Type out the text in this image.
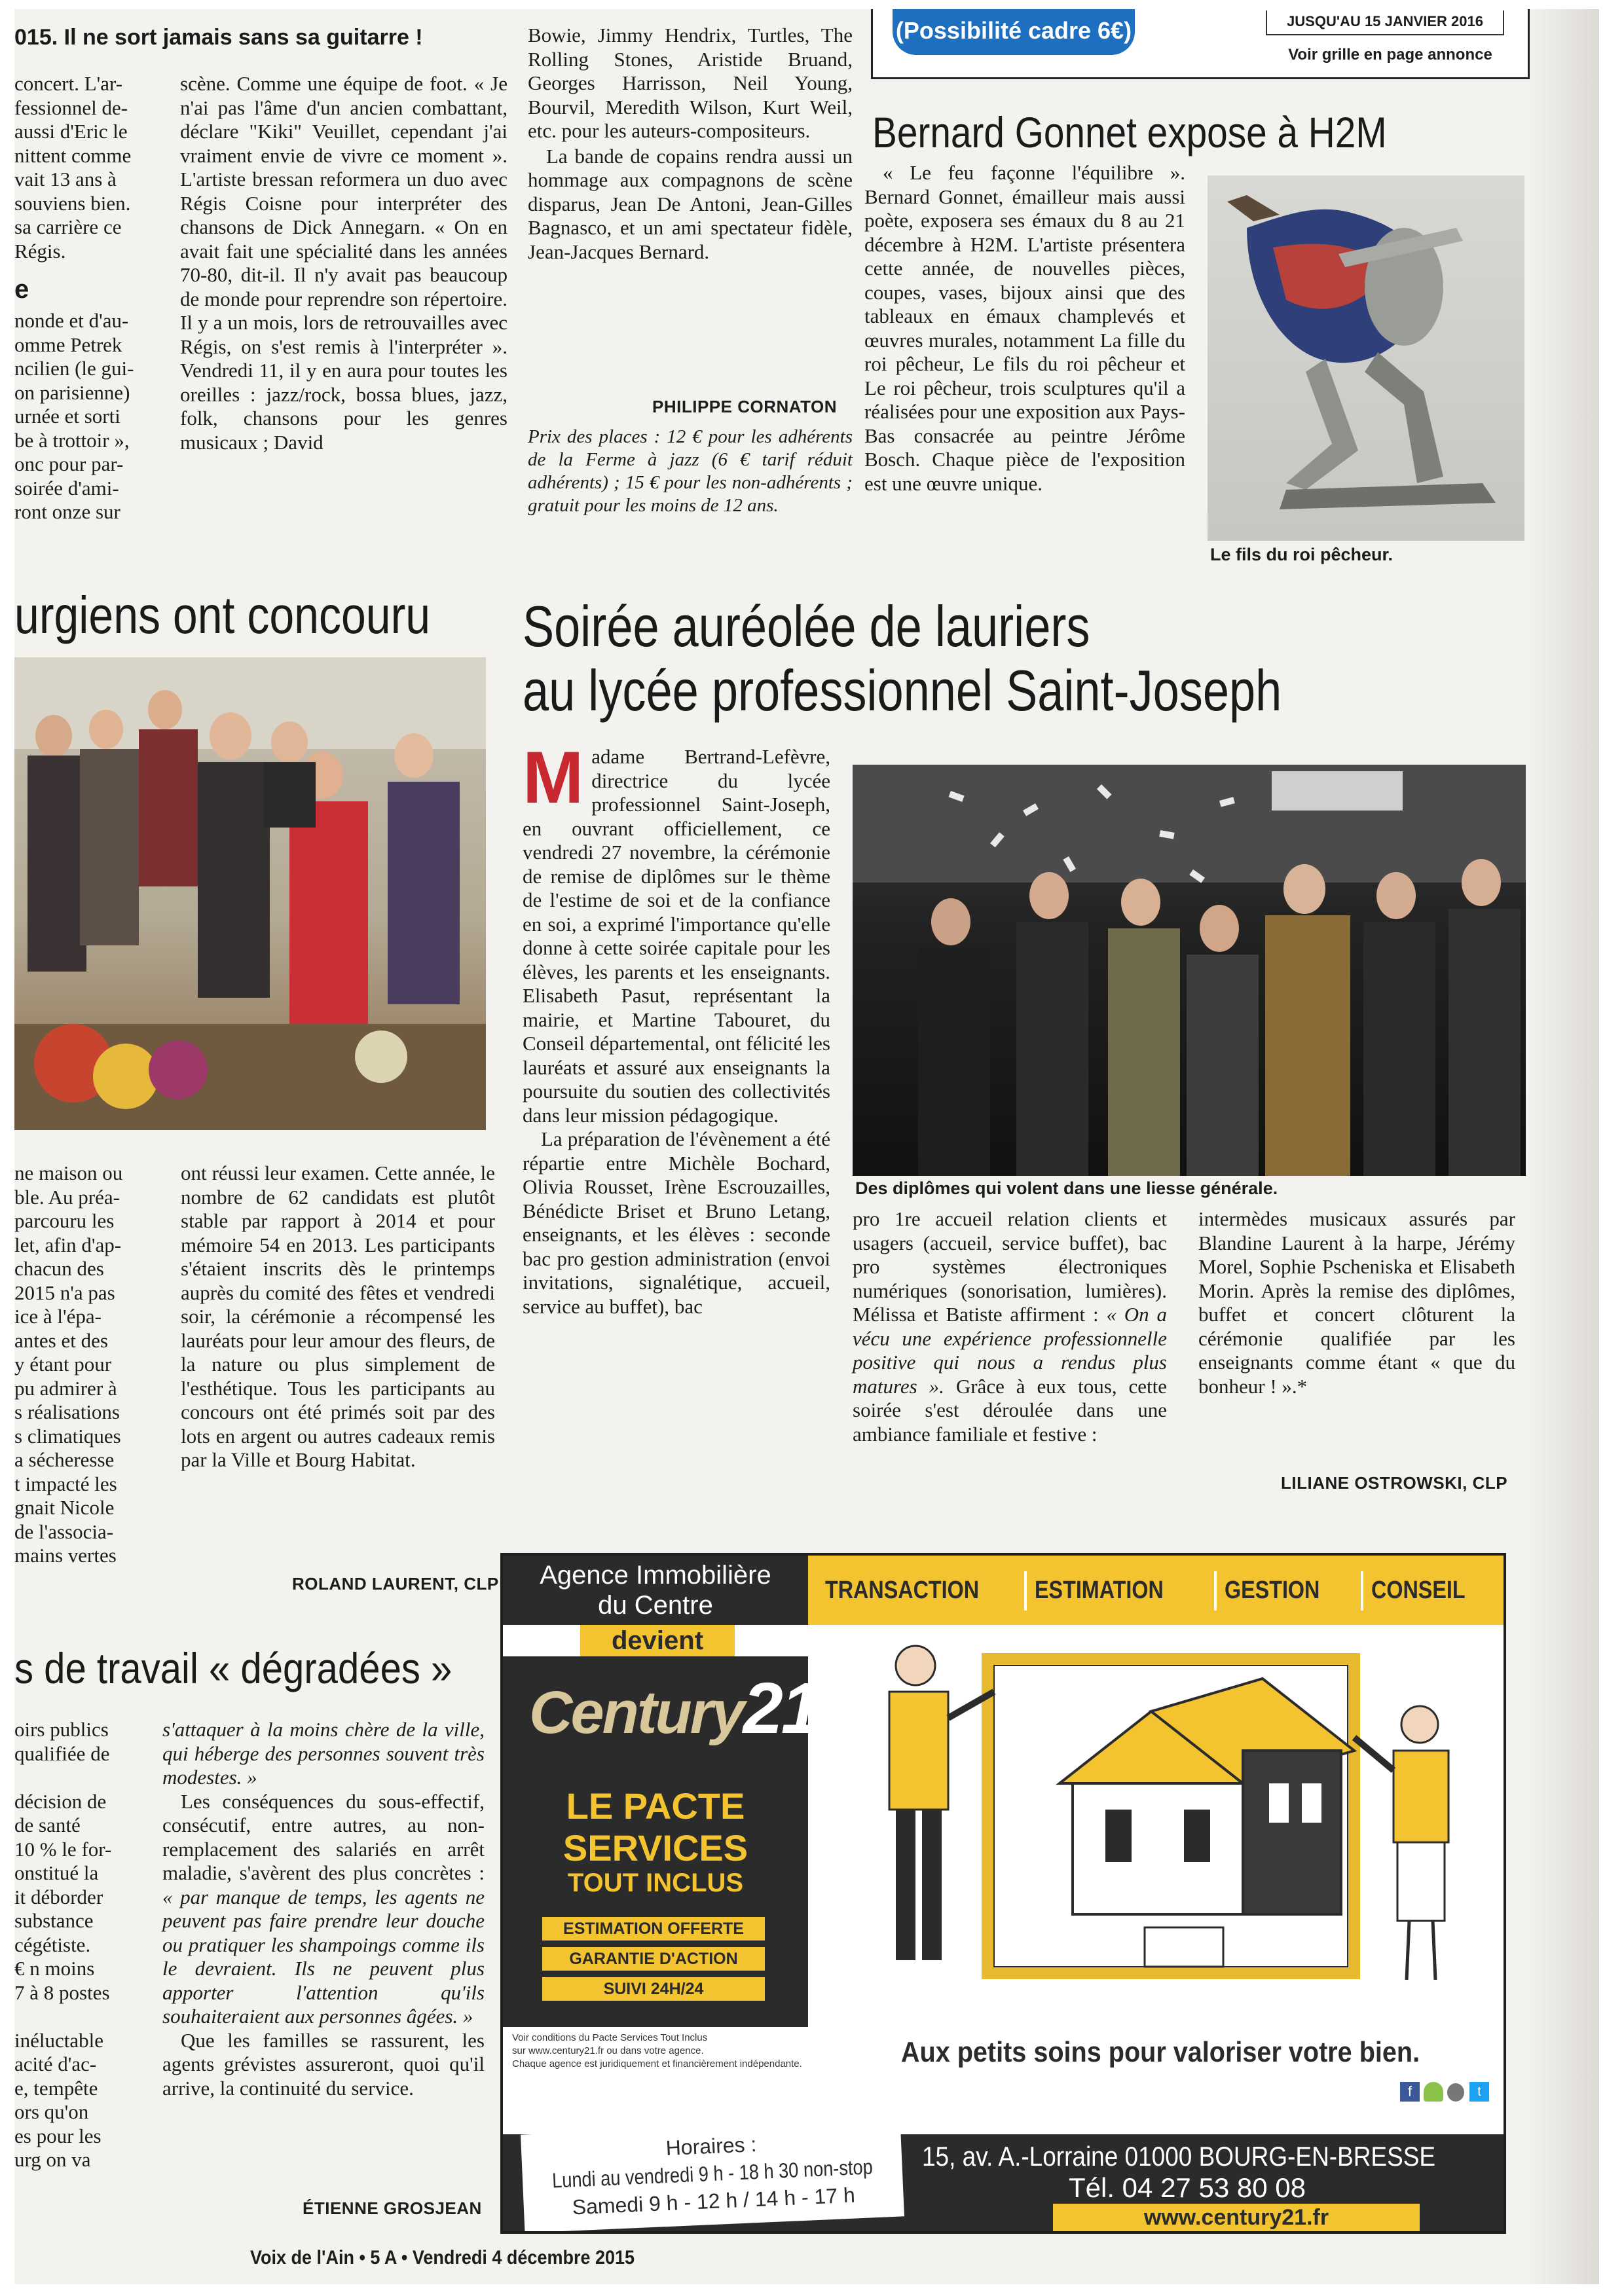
015. Il ne sort jamais sans sa guitarre !
concert. L'ar-
fessionnel de-
aussi d'Eric le
nittent comme
vait 13 ans à
souviens bien.
sa carrière ce
Régis.
e
nonde et d'au-
omme Petrek
ncilien (le gui-
on parisienne)
urnée et sorti
be à trottoir »,
onc pour par-
soirée d'ami-
ront onze sur

scène. Comme une équipe de foot. « Je n'ai pas l'âme d'un ancien combattant, déclare "Kiki" Veuillet, cependant j'ai vraiment envie de vivre ce moment ». L'artiste bressan reformera un duo avec Régis Coisne pour interpréter des chansons de Dick Annegarn. « On en avait fait une spécialité dans les années 70-80, dit-il. Il n'y avait pas beaucoup de monde pour reprendre son répertoire. Il y a un mois, lors de retrouvailles avec Régis, on s'est remis à l'interpréter ». Vendredi 11, il y en aura pour toutes les oreilles : jazz/rock, bossa blues, jazz, folk, chansons pour les genres musicaux ; David

Bowie, Jimmy Hendrix, Turtles, The Rolling Stones, Aristide Bruand, Georges Harrisson, Neil Young, Bourvil, Meredith Wilson, Kurt Weil, etc. pour les auteurs-compositeurs.

La bande de copains rendra aussi un hommage aux compagnons de scène disparus, Jean De Antoni, Jean-Gilles Bagnasco, et un ami spectateur fidèle, Jean-Jacques Bernard.

PHILIPPE CORNATON
Prix des places : 12 € pour les adhérents de la Ferme à jazz (6 € tarif réduit adhérents) ; 15 € pour les non-adhérents ; gratuit pour les moins de 12 ans.
(Possibilité cadre 6€)	JUSQU'AU 15 JANVIER 2016
Voir grille en page annonce
Bernard Gonnet expose à H2M

« Le feu façonne l'équilibre ». Bernard Gonnet, émailleur mais aussi poète, exposera ses émaux du 8 au 21 décembre à H2M. L'artiste présentera cette année, de nouvelles pièces, coupes, vases, bijoux ainsi que des tableaux en émaux champlevés et œuvres murales, notamment La fille du roi pêcheur, Le fils du roi pêcheur et Le roi pêcheur, trois sculptures qu'il a réalisées pour une exposition aux Pays-Bas consacrée au peintre Jérôme Bosch. Chaque pièce de l'exposition est une œuvre unique.

Le fils du roi pêcheur.
urgiens ont concouru
ne maison ou
ble. Au préa-
parcouru les
let, afin d'ap-
chacun des
2015 n'a pas
ice à l'épa-
antes et des
y étant pour
pu admirer à
s réalisations
s climatiques
a sécheresse
t impacté les
gnait Nicole
de l'associa-
mains vertes

ont réussi leur examen. Cette année, le nombre de 62 candidats est plutôt stable par rapport à 2014 et pour mémoire 54 en 2013. Les participants s'étaient inscrits dès le printemps auprès du comité des fêtes et vendredi soir, la cérémonie a récompensé les lauréats pour leur amour des fleurs, de la nature ou plus simplement de l'esthétique. Tous les participants au concours ont été primés soit par des lots en argent ou autres cadeaux remis par la Ville et Bourg Habitat.

ROLAND LAURENT, CLP
Soirée auréolée de lauriers
au lycée professionnel Saint-Joseph

Madame Bertrand-Lefèvre, directrice du lycée professionnel Saint-Joseph, en ouvrant officiellement, ce vendredi 27 novembre, la cérémonie de remise de diplômes sur le thème de l'estime de soi et de la confiance en soi, a exprimé l'importance qu'elle donne à cette soirée capitale pour les élèves, les parents et les enseignants. Elisabeth Pasut, représentant la mairie, et Martine Tabouret, du Conseil départemental, ont félicité les lauréats et assuré aux enseignants la poursuite du soutien des collectivités dans leur mission pédagogique.

La préparation de l'évènement a été répartie entre Michèle Bochard, Olivia Rousset, Irène Escrouzailles, Bénédicte Briset et Bruno Letang, enseignants, et les élèves : seconde bac pro gestion administration (envoi invitations, signalétique, accueil, service au buffet), bac

Des diplômes qui volent dans une liesse générale.

pro 1re accueil relation clients et usagers (accueil, service buffet), bac pro systèmes électroniques numériques (sonorisation, lumières). Mélissa et Batiste affirment : « On a vécu une expérience professionnelle positive qui nous a rendus plus matures ». Grâce à eux tous, cette soirée s'est déroulée dans une ambiance familiale et festive :

intermèdes musicaux assurés par Blandine Laurent à la harpe, Jérémy Morel, Sophie Pscheniska et Elisabeth Morin. Après la remise des diplômes, buffet et concert clôturent la cérémonie qualifiée par les enseignants comme étant « que du bonheur ! ».*

LILIANE OSTROWSKI, CLP
s de travail « dégradées »
oirs publics
qualifiée de
décision de
de santé
10 % le for-
onstitué la
it déborder
substance
cégétiste.
€ n moins
7 à 8 postes
inéluctable
acité d'ac-
e, tempête
ors qu'on
es pour les
urg on va

s'attaquer à la moins chère de la ville, qui héberge des personnes souvent très modestes. »

Les conséquences du sous-effectif, consécutif, entre autres, au non-remplacement des salariés en arrêt maladie, s'avèrent des plus concrètes : « par manque de temps, les agents ne peuvent pas faire prendre leur douche ou pratiquer les shampoings comme ils le devraient. Ils ne peuvent plus apporter l'attention qu'ils souhaiteraient aux personnes âgées. »

Que les familles se rassurent, les agents grévistes assureront, quoi qu'il arrive, la continuité du service.

ÉTIENNE GROSJEAN
Agence Immobilière
du Centre
TRANSACTION ESTIMATION GESTION CONSEIL
devient
Century21
LE PACTE
SERVICES
TOUT INCLUS
ESTIMATION OFFERTE
GARANTIE D'ACTION
SUIVI 24H/24
Voir conditions du Pacte Services Tout Inclus
sur www.century21.fr ou dans votre agence.
Chaque agence est juridiquement et financièrement indépendante.	Aux petits soins pour valoriser votre bien.
f	t
Horaires :
Lundi au vendredi 9 h - 18 h 30 non-stop
Samedi 9 h - 12 h / 14 h - 17 h
15, av. A.-Lorraine 01000 BOURG-EN-BRESSE
Tél. 04 27 53 80 08
www.century21.fr
Voix de l'Ain • 5 A • Vendredi 4 décembre 2015
